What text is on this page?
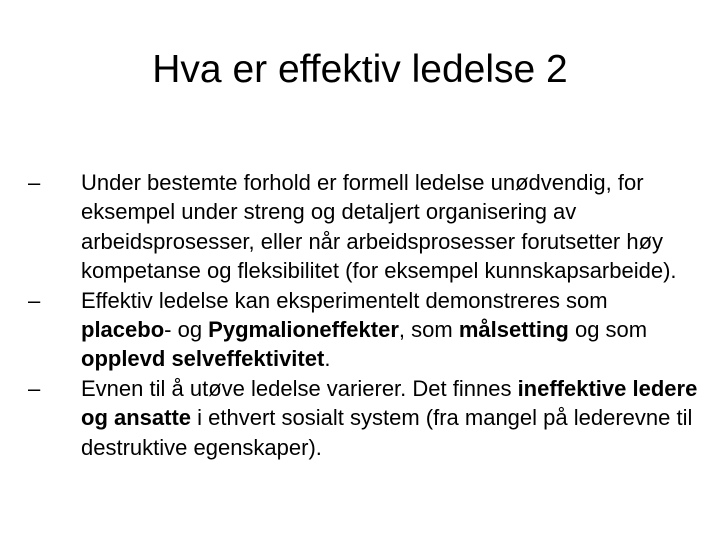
Hva er effektiv ledelse 2
–	Under bestemte forhold er formell ledelse unødvendig, for eksempel under streng og detaljert organisering av arbeidsprosesser, eller når arbeidsprosesser forutsetter høy kompetanse og fleksibilitet (for eksempel kunnskapsarbeide).
–	Effektiv ledelse kan eksperimentelt demonstreres som placebo- og Pygmalioneffekter, som målsetting og som opplevd selveffektivitet.
–	Evnen til å utøve ledelse varierer. Det finnes ineffektive ledere og ansatte i ethvert sosialt system (fra mangel på lederevne til destruktive egenskaper).
